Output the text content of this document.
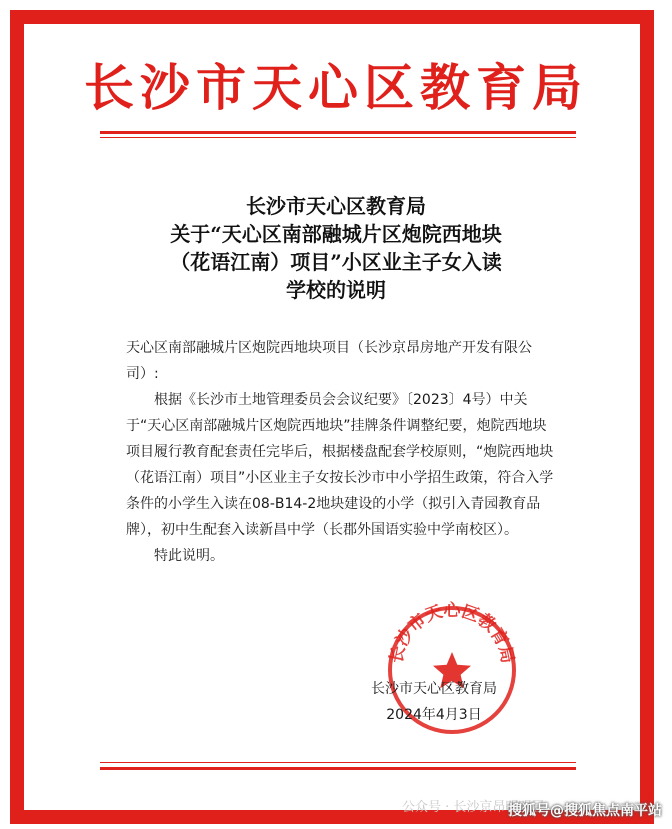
长沙市天心区教育局
长沙市天心区教育局
关于“天心区南部融城片区炮院西地块
（花语江南）项目”小区业主子女入读
学校的说明

天心区南部融城片区炮院西地块项目（长沙京昂房地产开发有限公司）:

根据《长沙市土地管理委员会会议纪要》〔2023〕4号）中关于“天心区南部融城片区炮院西地块”挂牌条件调整纪要，炮院西地块项目履行教育配套责任完毕后，根据楼盘配套学校原则，“炮院西地块（花语江南）项目”小区业主子女按长沙市中小学招生政策，符合入学条件的小学生入读在08-B14-2地块建设的小学（拟引入青园教育品牌），初中生配套入读新昌中学（长郡外国语实验中学南校区）。

特此说明。

长沙市天心区教育局
长沙市天心区教育局
2024年4月3日
公众号 · 长沙京昂明明居
搜狐号@搜狐焦点南平站
